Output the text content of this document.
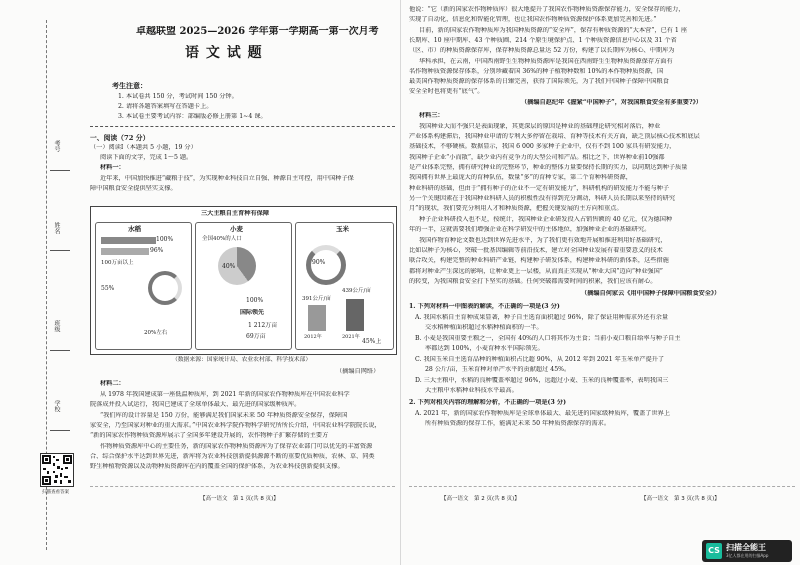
考号
姓名
班级
学校
扫描查看答案
卓越联盟 2025—2026 学年第一学期高一第一次月考
语 文 试 题
考生注意：
1. 本试卷共 150 分，考试时间 150 分钟。
2. 请将各题答案填写在答题卡上。
3. 本试卷主要考试内容：部编版必修上册第 1~4 课。
一、阅读（72 分）
（一）阅读Ⅰ（本题共 5 小题，19 分）
阅读下面的文字，完成 1～5 题。
材料一：
近年来，中国加快推进“藏粮于技”，为实现种业科技自立自强、种源自主可控，用中国种子保
障中国粮食安全提供坚实支撑。
三大主粮自主育种有保障
水稻
100%
96%
100万亩以上
55%
20%左右
小麦
全国40%的人口
40%
100%
国际领先
1 212万亩
69万亩
玉米
90%
439公斤/亩
391公斤/亩
2012年	2021年
45%上
（数据来源：国家统计局、农业农村部、科学技术部）
（摘编自网络）
材料二：
从 1978 年我国建成第一座低温种质库，到 2021 年新的国家农作物种质库在中国农业科学
院落成并投入试运行，我国已建成了全球单体最大、最先进的国家级种质库。
“我们库的设计容量是 150 万份，能够满足我们国家未来 50 年种质资源安全保存，保障国
家安全，乃至国家对种业的重大需求。”中国农业科学院作物科学研究所所长介绍，中国农业科学院院长说，
“新的国家农作物种质资源库展示了全国多年建设开展的，农作物种子扩繁存储的主要方
作物种质资源库中心的主要任务，新的国家农作物种质资源库为了保存农业部门可以优先的丰富资源
合、综合保护水平达到世界先进，新库将为农业科技创新提供源源不断的重要优质种质，农林、草、同类
野生种植物资源以及动物种质资源库在内的覆盖全国的保护体系，为农业科技创新提供支撑。
【高一语文　第 1 页(共 8 页)】
他说：“它（新的国家农作物种质库）很大地提升了我国农作物种质资源保存能力，安全保存的能力，
实现了自动化，信息化和智能化管理，也让我国农作物种质资源保护体系更加完善和先进。”
目前，新的国家农作物种质库为我国种质资源的“安全库”，保存有种质资源的“大本营”，已有 1 座
长期库、10 座中期库、43 个种质圃、214 个原生境保护点、1 个种质资源信息中心以及 31 个省
（区、市）的种质资源保存库，保存种质资源总量达 52 万份，构建了以长期库为核心、中期库为
华科承担，在云南，中国西南野生生物种质资源库是我国在西南野生生物种质资源保存方面有
名作物种质资源保存体系，分别珍藏着国 36%的种子植物种数和 10%的本作物种质资源，国
最美国作物种质资源的保存体系的日臻完善，获得了国际领先，为了我们中国种子保障中国粮食
安全全时也将更有“底气”。
（摘编自赵纪年《握紧“中国种子”，对我国粮食安全有多重要?》）
材料三：
我国种业大而不强只是表面现象，其更深层的原因是种业的基础理论研究相对落后，种业
产业体系构建滞后，我国种业申请的专利大多停留在栽培、育种等技术有关方面，缺乏顶层核心技术和底层
基础技术，不够硬核。数据显示，我国 6 000 多家种子企业中，仅有不到 100 家具有研发能力，
我国种子企业“小而散”，缺少业内有竞争力的大型公司和产品。相比之下，世界种业前10强都
是产业体系完整，拥有研究种业的完整环节，种业的整体力量要保持长期的实力，以同期达到种子质量
我国拥有世界上最庞大的育种队伍，数量“多”的育种专家，第二个育种科研资源，
种业科研的基础，但由于“拥有种子的企业不一定有研发能力”，科研机构的研发能力不能与种子
另一个关键因素在于我国种业科研人员的积极性没有得到充分调动，科研人员长期以来坚持的研究
月”的现状，我们要充分利用人才和种质资源，把握关键发展的主方向和重点。
种子企业科研投入也不足，按统计，我国种业企业研发投入占销售额的 40 亿元，仅为德国种
年的一半，这就需要我们增强企业在科学研发中的主体地位，加强种业企业的基础研究。
我国作物育种论文数也达到世界先进水平，为了我们更有效地开展和推进利用好基础研究，
比如以种子为核心，突破一批基因编辑等前沿技术，建立对全国种业发展有着重要意义的技术
联合攻关，构建完整的种业科研产业链，构建种子研发体系，构建种业科研的新体系，这些措施
都将对种业产生深远的影响，让种业更上一层楼，从而真正实现从“种业大国”迈向“种业强国”
的转变，为我国粮食安全打下坚实的基础。任何突破都需要时间的积累，我们应该有耐心。
（摘编自何家云《用中国种子保障中国粮食安全》）
1. 下列对材料一中图表的解读，不正确的一项是(3 分)
A. 我国水稻自主育种成果显著，种子自主选育面积超过 96%，除了保证用种需求外还有余量
交水稻种植面积超过水稻种植面积的一半。
B. 小麦是我国重要主粮之一，全国有 40%的人口将其作为主食；当前小麦口粮自给率与种子自主
率都达到 100%，小麦育种水平国际领先。
C. 我国玉米自主选育品种的种植面积占比超 90%，从 2012 年到 2021 年玉米单产提升了
28 公斤/亩，玉米育种对单产水平的贡献超过 45%。
D. 三大主粮中，水稻的良种覆盖率超过 96%，远超过小麦、玉米的良种覆盖率，表明我国三
大主粮中水稻种业科技水平最高。
2. 下列对相关内容的理解和分析，不正确的一项是(3 分)
A. 2021 年，新的国家农作物种质库是全球单体最大、最先进的国家级种质库，覆盖了世界上
所有种质资源的保存工作，能满足未来 50 年种质资源保存的需求。
【高一语文　第 2 页(共 8 页)】	【高一语文　第 3 页(共 8 页)】
CS 扫描全能王
3亿人都在用的扫描App
